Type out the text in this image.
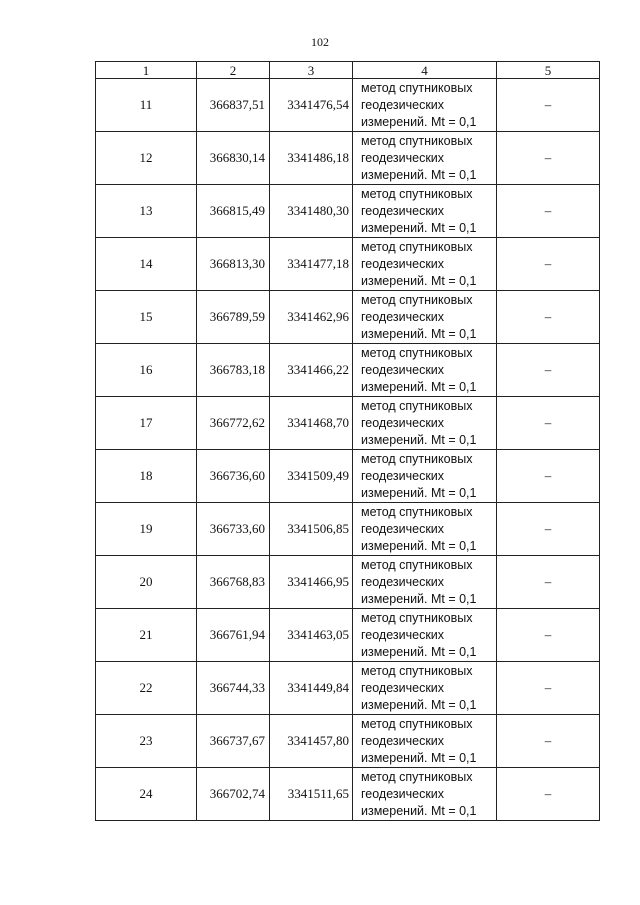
102
1	2	3	4	5
11	366837,51	3341476,54	метод спутниковых
геодезических
измерений. Mt = 0,1	–
12	366830,14	3341486,18	метод спутниковых
геодезических
измерений. Mt = 0,1	–
13	366815,49	3341480,30	метод спутниковых
геодезических
измерений. Mt = 0,1	–
14	366813,30	3341477,18	метод спутниковых
геодезических
измерений. Mt = 0,1	–
15	366789,59	3341462,96	метод спутниковых
геодезических
измерений. Mt = 0,1	–
16	366783,18	3341466,22	метод спутниковых
геодезических
измерений. Mt = 0,1	–
17	366772,62	3341468,70	метод спутниковых
геодезических
измерений. Mt = 0,1	–
18	366736,60	3341509,49	метод спутниковых
геодезических
измерений. Mt = 0,1	–
19	366733,60	3341506,85	метод спутниковых
геодезических
измерений. Mt = 0,1	–
20	366768,83	3341466,95	метод спутниковых
геодезических
измерений. Mt = 0,1	–
21	366761,94	3341463,05	метод спутниковых
геодезических
измерений. Mt = 0,1	–
22	366744,33	3341449,84	метод спутниковых
геодезических
измерений. Mt = 0,1	–
23	366737,67	3341457,80	метод спутниковых
геодезических
измерений. Mt = 0,1	–
24	366702,74	3341511,65	метод спутниковых
геодезических
измерений. Mt = 0,1	–
